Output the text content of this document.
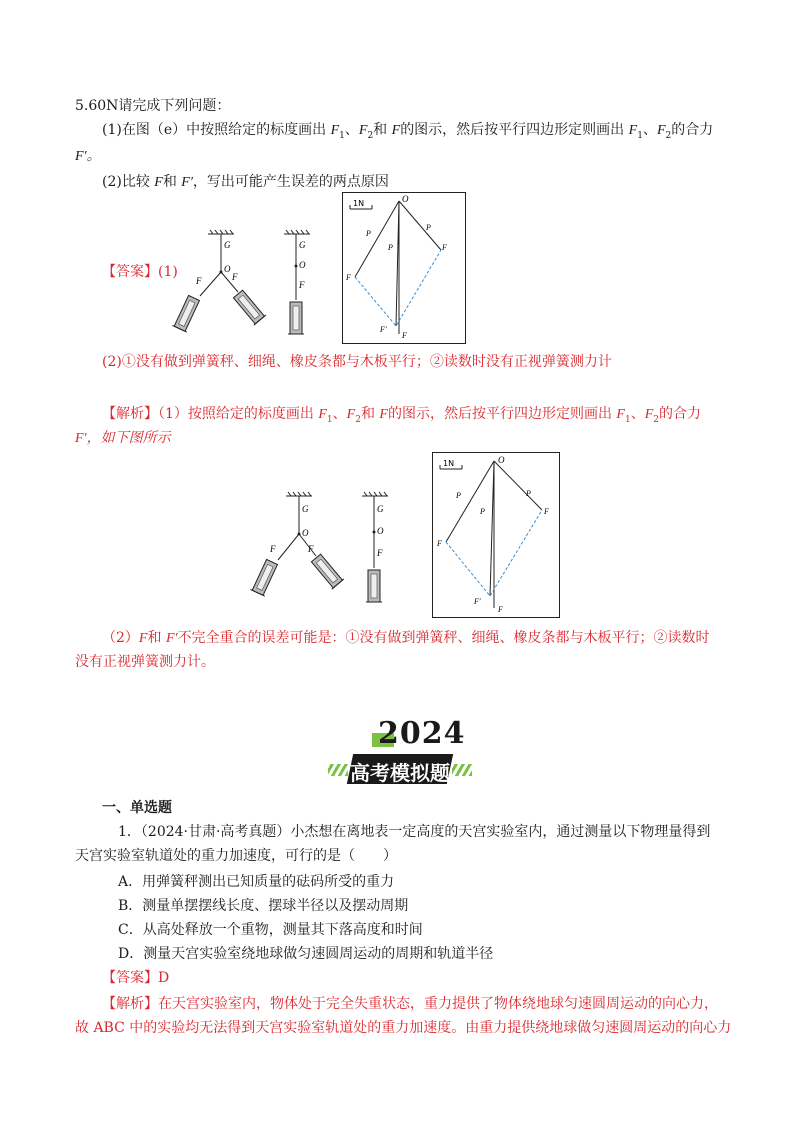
5.60N请完成下列问题：
(1)在图（e）中按照给定的标度画出 $F_1$、$F_2$和 F的图示，然后按平行四边形定则画出 $F_1$、$F_2$的合力
F′。
(2)比较 F和 F′，写出可能产生误差的两点原因
【答案】(1)
G
O
F	F
G
O
F
1N	O
P
P
P
F
F
F′
F
(2)①没有做到弹簧秤、细绳、橡皮条都与木板平行；②读数时没有正视弹簧测力计
【解析】（1）按照给定的标度画出 $F_1$、$F_2$和 F的图示，然后按平行四边形定则画出 $F_1$、$F_2$的合力
F′，如下图所示
G
O
F	F
G
O
F
1N	O
P	P
P
F
F
F′
F
（2）F和 F′不完全重合的误差可能是：①没有做到弹簧秤、细绳、橡皮条都与木板平行；②读数时
没有正视弹簧测力计。
2024
高考模拟题
一、单选题
1．（2024·甘肃·高考真题）小杰想在离地表一定高度的天宫实验室内，通过测量以下物理量得到
天宫实验室轨道处的重力加速度，可行的是（　　）
A．用弹簧秤测出已知质量的砝码所受的重力
B．测量单摆摆线长度、摆球半径以及摆动周期
C．从高处释放一个重物，测量其下落高度和时间
D．测量天宫实验室绕地球做匀速圆周运动的周期和轨道半径
【答案】D
【解析】在天宫实验室内，物体处于完全失重状态，重力提供了物体绕地球匀速圆周运动的向心力，
故 ABC 中的实验均无法得到天宫实验室轨道处的重力加速度。由重力提供绕地球做匀速圆周运动的向心力
